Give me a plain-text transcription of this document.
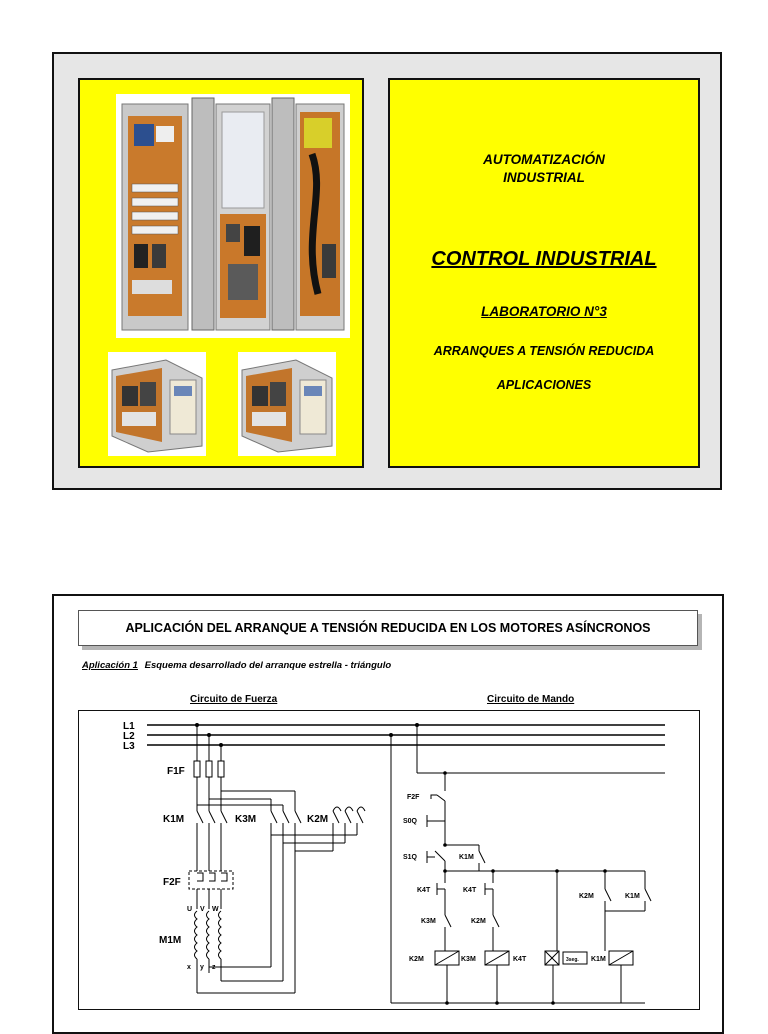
AUTOMATIZACIÓN
INDUSTRIAL
CONTROL INDUSTRIAL
LABORATORIO N°3
ARRANQUES A TENSIÓN REDUCIDA
APLICACIONES
APLICACIÓN DEL ARRANQUE A TENSIÓN REDUCIDA EN LOS MOTORES ASÍNCRONOS
Aplicación 1 Esquema desarrollado del arranque estrella - triángulo
Circuito de Fuerza	Circuito de Mando
L1
L2
L3
F1F
K1M	K3M	K2M
F2F
M1M
U V W
x y z
F2F
S0Q
S1Q	K1M
K4T	K4T
K3M	K2M
K2M	K1M
K2M	K3M	K4T	3seg. K1M
